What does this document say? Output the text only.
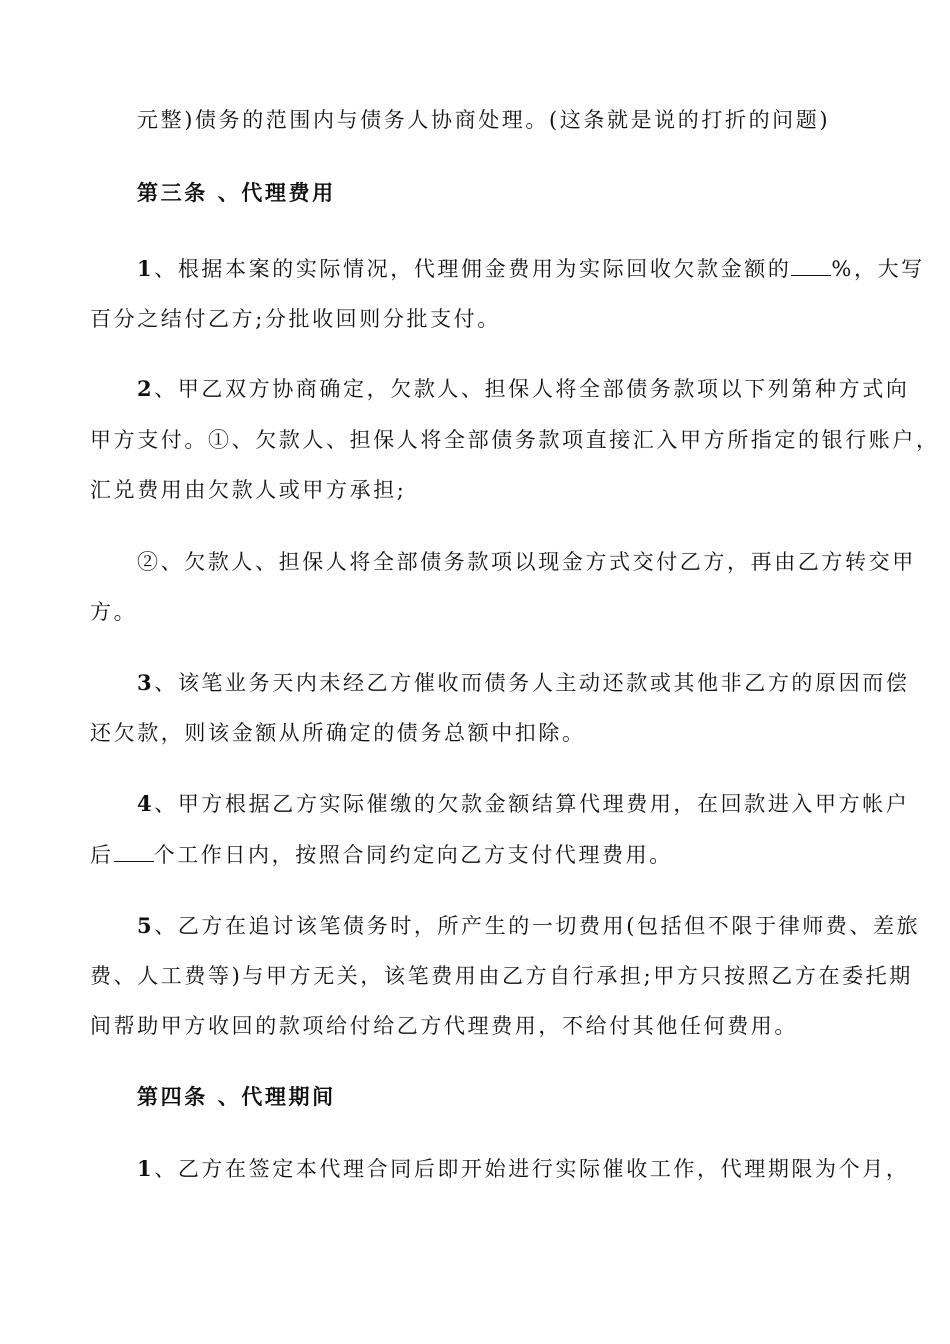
元整)债务的范围内与债务人协商处理。(这条就是说的打折的问题)
第三条 、代理费用
1、根据本案的实际情况，代理佣金费用为实际回收欠款金额的 %，大写
百分之结付乙方;分批收回则分批支付。
2、甲乙双方协商确定，欠款人、担保人将全部债务款项以下列第种方式向
甲方支付。①、欠款人、担保人将全部债务款项直接汇入甲方所指定的银行账户，
汇兑费用由欠款人或甲方承担;
②、欠款人、担保人将全部债务款项以现金方式交付乙方，再由乙方转交甲
方。
3、该笔业务天内未经乙方催收而债务人主动还款或其他非乙方的原因而偿
还欠款，则该金额从所确定的债务总额中扣除。
4、甲方根据乙方实际催缴的欠款金额结算代理费用，在回款进入甲方帐户
后 个工作日内，按照合同约定向乙方支付代理费用。
5、乙方在追讨该笔债务时，所产生的一切费用(包括但不限于律师费、差旅
费、人工费等)与甲方无关，该笔费用由乙方自行承担;甲方只按照乙方在委托期
间帮助甲方收回的款项给付给乙方代理费用，不给付其他任何费用。
第四条 、代理期间
1、乙方在签定本代理合同后即开始进行实际催收工作，代理期限为个月，
